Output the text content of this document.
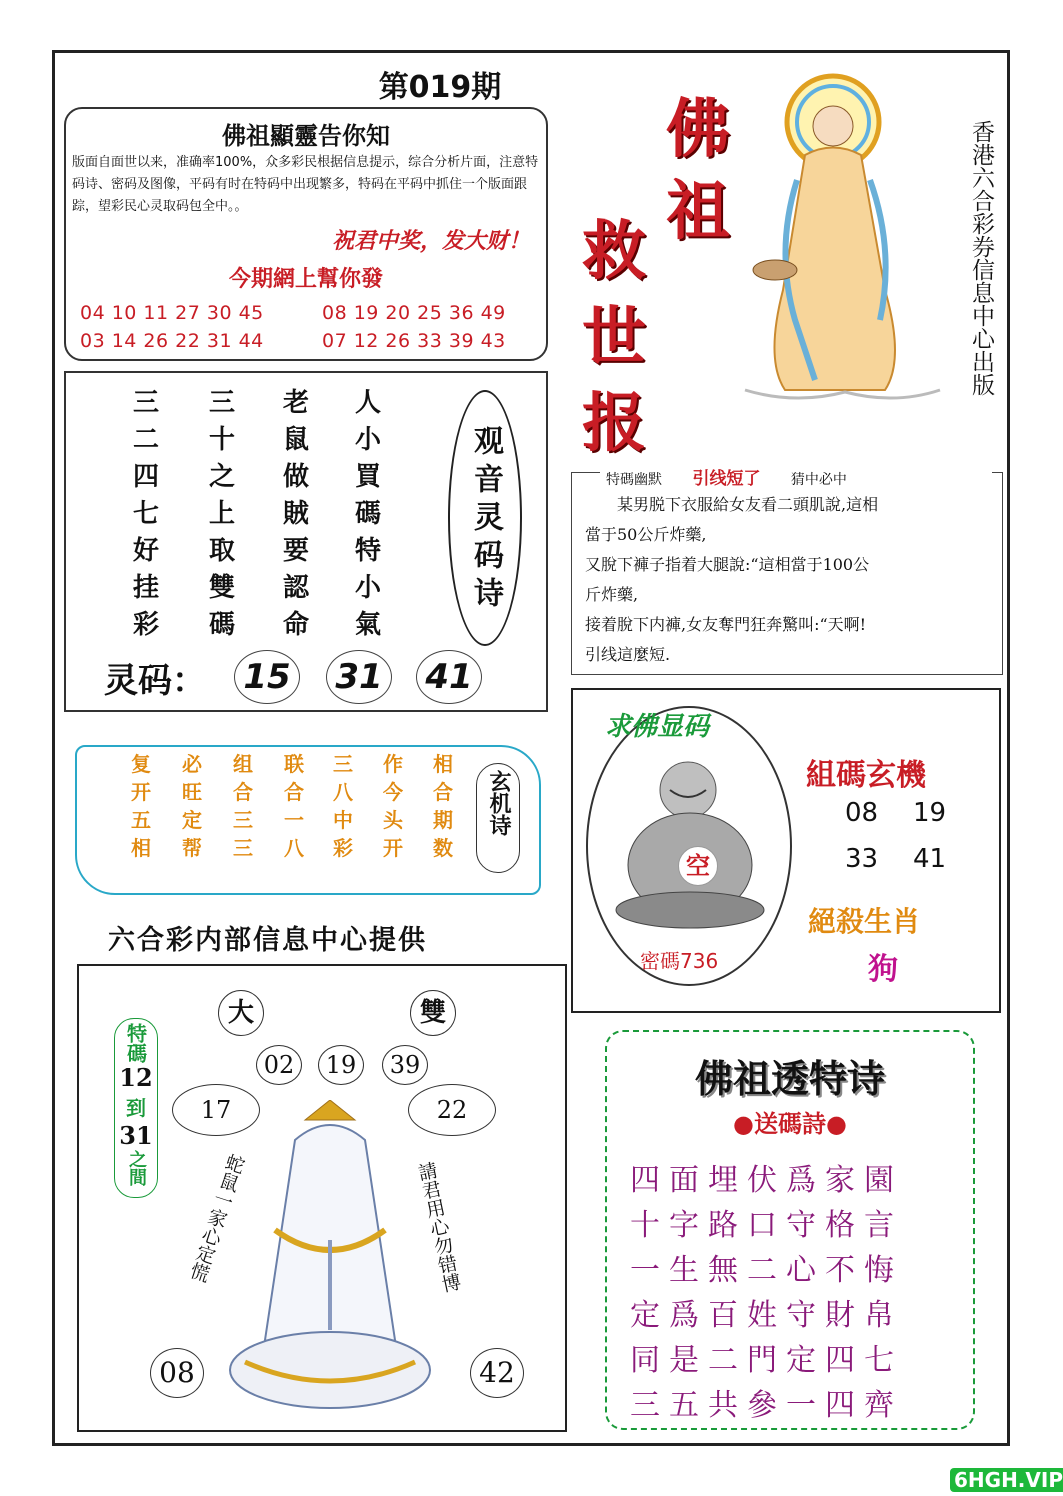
第019期
佛祖顯靈告你知
版面自面世以来，准确率100%，众多彩民根据信息提示，综合分析片面，注意特码诗、密码及图像，平码有时在特码中出现繁多，特码在平码中抓住一个版面跟踪，望彩民心灵取码包全中。。
祝君中奖，发大财！
今期網上幫你發
04 10 11 27 30 45	08 19 20 25 36 49
03 14 26 22 31 44	07 12 26 33 39 43
佛
祖
救
世
报
香港六合彩券信息中心出版
三
二
四
七
好
挂
彩
三
十
之
上
取
雙
碼
老
鼠
做
賊
要
認
命
人
小
買
碼
特
小
氣
观音灵码诗
灵码： 15 31 41
特碼幽默 引线短了 猜中必中
某男脱下衣服給女友看二頭肌說,這相
當于50公斤炸藥,
又脫下褲子指着大腿說:“這相當于100公
斤炸藥,
接着脫下内褲,女友奪門狂奔驚叫:“天啊!
引线這麼短.
复
开
五
相
必
旺
定
帮
组
合
三
三
联
合
一
八
三
八
中
彩
作
今
头
开
相
合
期
数
玄机诗
六合彩内部信息中心提供
求佛显码
空
密碼736
組碼玄機
08 19
33 41
絕殺生肖
狗
大	雙
02	19	39
17	22
08	42
特碼
12
到
31
之間	蛇鼠一家心定慌	請君用心勿错博
佛祖透特诗
●送碼詩●
四面埋伏爲家園
十字路口守格言
一生無二心不悔
定爲百姓守財帛
同是二門定四七
三五共參一四齊
6HGH.VIP
